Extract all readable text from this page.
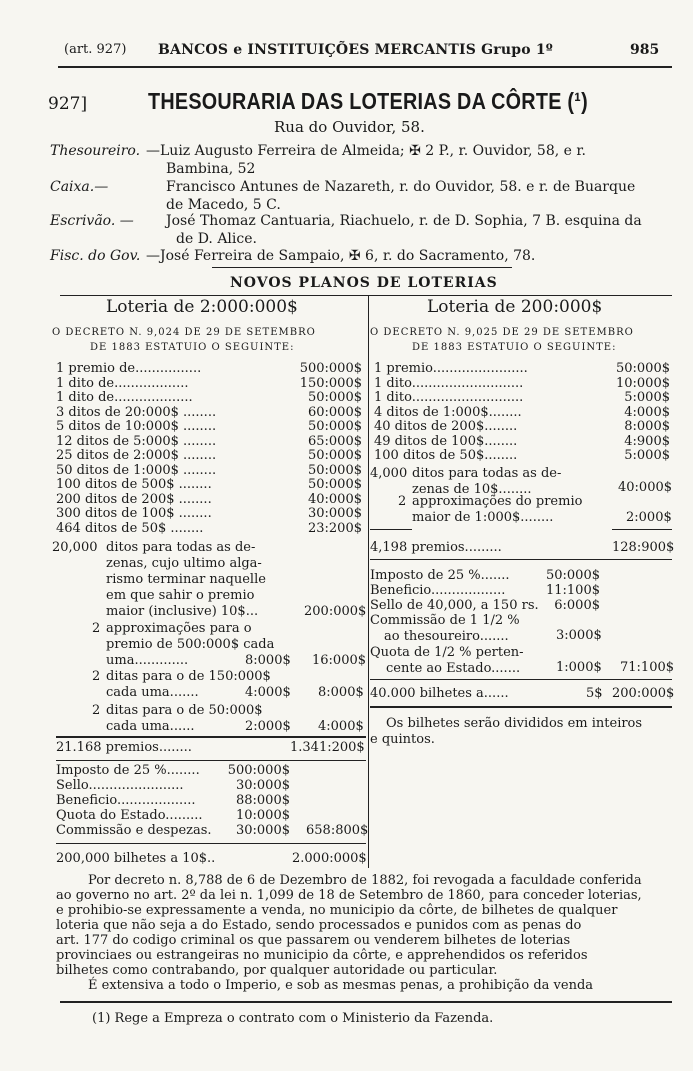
(art. 927) BANCOS e INSTITUIÇÕES MERCANTIS Grupo 1º	985
927]	THESOURARIA DAS LOTERIAS DA CÔRTE (¹)
Rua do Ouvidor, 58.
Thesoureiro. —Luiz Augusto Ferreira de Almeida; ✠ 2 P., r. Ouvidor, 58, e r.
Bambina, 52
Caixa.—	Francisco Antunes de Nazareth, r. do Ouvidor, 58. e r. de Buarque
de Macedo, 5 C.
Escrivão. — José Thomaz Cantuaria, Riachuelo, r. de D. Sophia, 7 B. esquina da
de D. Alice.
Fisc. do Gov. —José Ferreira de Sampaio, ✠ 6, r. do Sacramento, 78.
NOVOS PLANOS DE LOTERIAS
Loteria de 2:000:000$	Loteria de 200:000$
O DECRETO N. 9,024 DE 29 DE SETEMBRO
DE 1883 ESTATUIO O SEGUINTE:
O DECRETO N. 9,025 DE 29 DE SETEMBRO
DE 1883 ESTATUIO O SEGUINTE:
1 premio de................	500:000$
1 dito de..................	150:000$
1 dito de...................	50:000$
3 ditos de 20:000$ ........	60:000$
5 ditos de 10:000$ ........	50:000$
12 ditos de 5:000$ ........	65:000$
25 ditos de 2:000$ ........	50:000$
50 ditos de 1:000$ ........	50:000$
100 ditos de 500$ ........	50:000$
200 ditos de 200$ ........	40:000$
300 ditos de 100$ ........	30:000$
464 ditos de 50$ ........	23:200$
20,000 ditos para todas as de-
zenas, cujo ultimo alga-
rismo terminar naquelle
em que sahir o premio
maior (inclusive) 10$...	200:000$
2 approximações para o
premio de 500:000$ cada
uma.............	8:000$ 16:000$
2 ditas para o de 150:000$
cada uma.......	4:000$ 8:000$
2 ditas para o de 50:000$
cada uma......	2:000$ 4:000$
21.168 premios........	1.341:200$
Imposto de 25 %........ 500:000$
Sello.......................	30:000$
Beneficio...................	88:000$
Quota do Estado.........	10:000$
Commissão e despezas. 30:000$ 658:800$
200,000 bilhetes a 10$..	2.000:000$
1 premio.......................	50:000$
1 dito...........................	10:000$
1 dito...........................	5:000$
4 ditos de 1:000$........	4:000$
40 ditos de 200$........	8:000$
49 ditos de 100$........	4:900$
100 ditos de 50$........	5:000$
4,000 ditos para todas as de-
zenas de 10$........	40:000$
2 approximações do premio
maior de 1:000$........	2:000$
4,198 premios.........	128:900$
Imposto de 25 %.......	50:000$
Beneficio..................	11:100$
Sello de 40,000, a 150 rs. 6:000$
Commissão de 1 1/2 %
ao thesoureiro.......	3:000$
Quota de 1/2 % perten-
cente ao Estado.......	1:000$ 71:100$
40.000 bilhetes a......	5$ 200:000$
Os bilhetes serão divididos em inteiros
e quintos.
Por decreto n. 8,788 de 6 de Dezembro de 1882, foi revogada a faculdade conferida
ao governo no art. 2º da lei n. 1,099 de 18 de Setembro de 1860, para conceder loterias,
e prohibio-se expressamente a venda, no municipio da côrte, de bilhetes de qualquer
loteria que não seja a do Estado, sendo processados e punidos com as penas do
art. 177 do codigo criminal os que passarem ou venderem bilhetes de loterias
provinciaes ou estrangeiras no municipio da côrte, e apprehendidos os referidos
bilhetes como contrabando, por qualquer autoridade ou particular.
É extensiva a todo o Imperio, e sob as mesmas penas, a prohibição da venda
(1) Rege a Empreza o contrato com o Ministerio da Fazenda.
